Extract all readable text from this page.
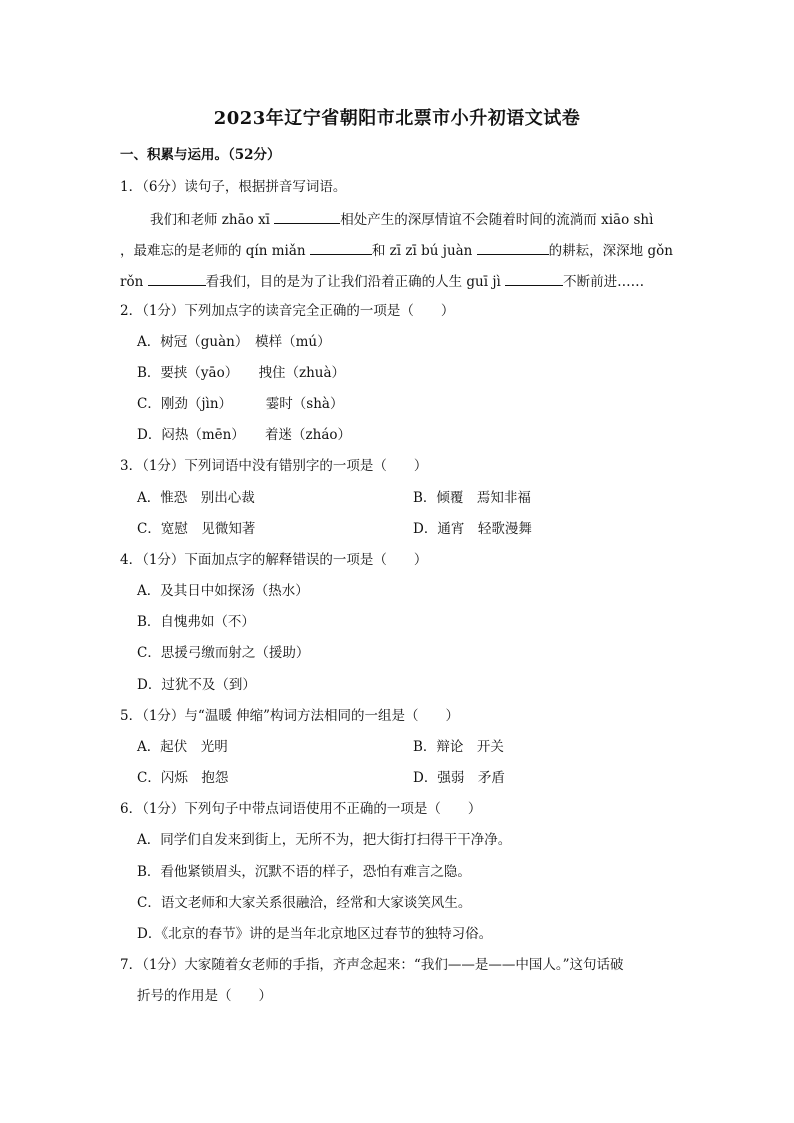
2023年辽宁省朝阳市北票市小升初语文试卷
一、积累与运用。（52分）
1．（6分）读句子，根据拼音写词语。
我们和老师 zhāo xī	相处产生的深厚情谊不会随着时间的流淌而 xiāo shì
，最难忘的是老师的 qín miǎn	和 zī zī bú juàn	的耕耘，深深地 gǒn
rǒn	看我们，目的是为了让我们沿着正确的人生 guī jì	不断前进……
2．（1分）下列加点字的读音完全正确的一项是（　　）
A．树冠（guàn）　模样（mú）
B．要挟（yāo）　　拽住（zhuà）
C．刚劲（jìn）　　　霎时（shà）
D．闷热（mēn）　　着迷（zháo）
3．（1分）下列词语中没有错别字的一项是（　　）
A．惟恐　别出心裁	B．倾覆　焉知非福
C．宽慰　见微知著	D．通宵　轻歌漫舞
4．（1分）下面加点字的解释错误的一项是（　　）
A．及其日中如探汤（热水）
B．自愧弗如（不）
C．思援弓缴而射之（援助）
D．过犹不及（到）
5．（1分）与“温暖 伸缩”构词方法相同的一组是（　　）
A．起伏　光明	B．辩论　开关
C．闪烁　抱怨	D．强弱　矛盾
6．（1分）下列句子中带点词语使用不正确的一项是（　　）
A．同学们自发来到街上，无所不为，把大街打扫得干干净净。
B．看他紧锁眉头，沉默不语的样子，恐怕有难言之隐。
C．语文老师和大家关系很融洽，经常和大家谈笑风生。
D．《北京的春节》讲的是当年北京地区过春节的独特习俗。
7．（1分）大家随着女老师的手指，齐声念起来：“我们——是——中国人。”这句话破
折号的作用是（　　）
